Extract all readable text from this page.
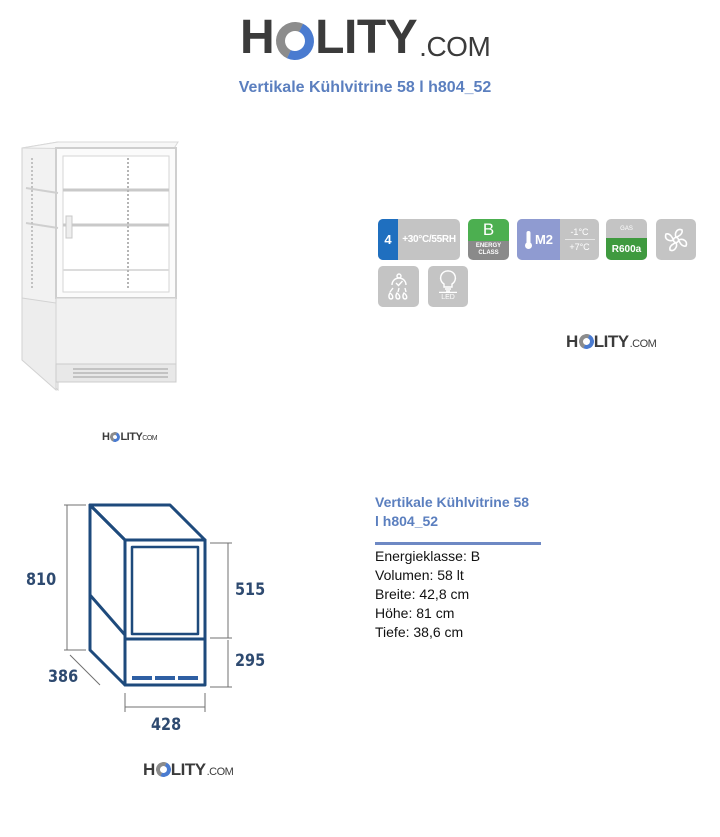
H LITY .COM
Vertikale Kühlvitrine 58 l h804_52
H LITY COM
4	+30°C/55RH
B
ENERGY
CLASS
M2 -1°C
+7°C
GAS
R600a
LED
H LITY .COM
810
386
515
295
428
H LITY .COM
Vertikale Kühlvitrine 58
l h804_52
Energieklasse: B
Volumen: 58 lt
Breite: 42,8 cm
Höhe: 81 cm
Tiefe: 38,6 cm
